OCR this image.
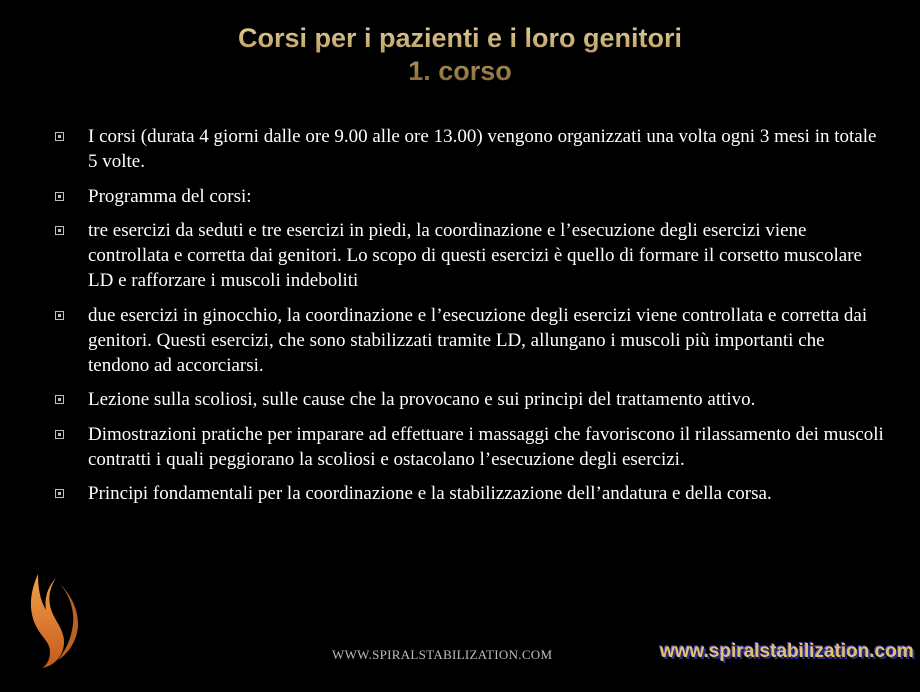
Corsi per i pazienti e i loro genitori
1. corso
I corsi (durata 4 giorni dalle ore 9.00 alle ore 13.00) vengono organizzati una volta ogni 3 mesi in totale 5 volte.
Programma del corsi:
tre esercizi da seduti e tre esercizi in piedi, la coordinazione e l’esecuzione degli esercizi viene controllata e corretta dai genitori. Lo scopo di questi esercizi è quello di formare il corsetto muscolare LD e rafforzare i muscoli indeboliti
due esercizi in ginocchio, la coordinazione e l’esecuzione degli esercizi viene controllata e corretta dai genitori. Questi esercizi, che sono stabilizzati tramite LD, allungano i muscoli più importanti che tendono ad accorciarsi.
Lezione sulla scoliosi, sulle cause che la provocano e sui principi del trattamento attivo.
Dimostrazioni pratiche per imparare ad effettuare i massaggi che favoriscono il rilassamento dei muscoli contratti i quali peggiorano la scoliosi e ostacolano l’esecuzione degli esercizi.
Principi fondamentali per la coordinazione e la stabilizzazione dell’andatura e della corsa.
WWW.SPIRALSTABILIZATION.COM	www.spiralstabilization.com
